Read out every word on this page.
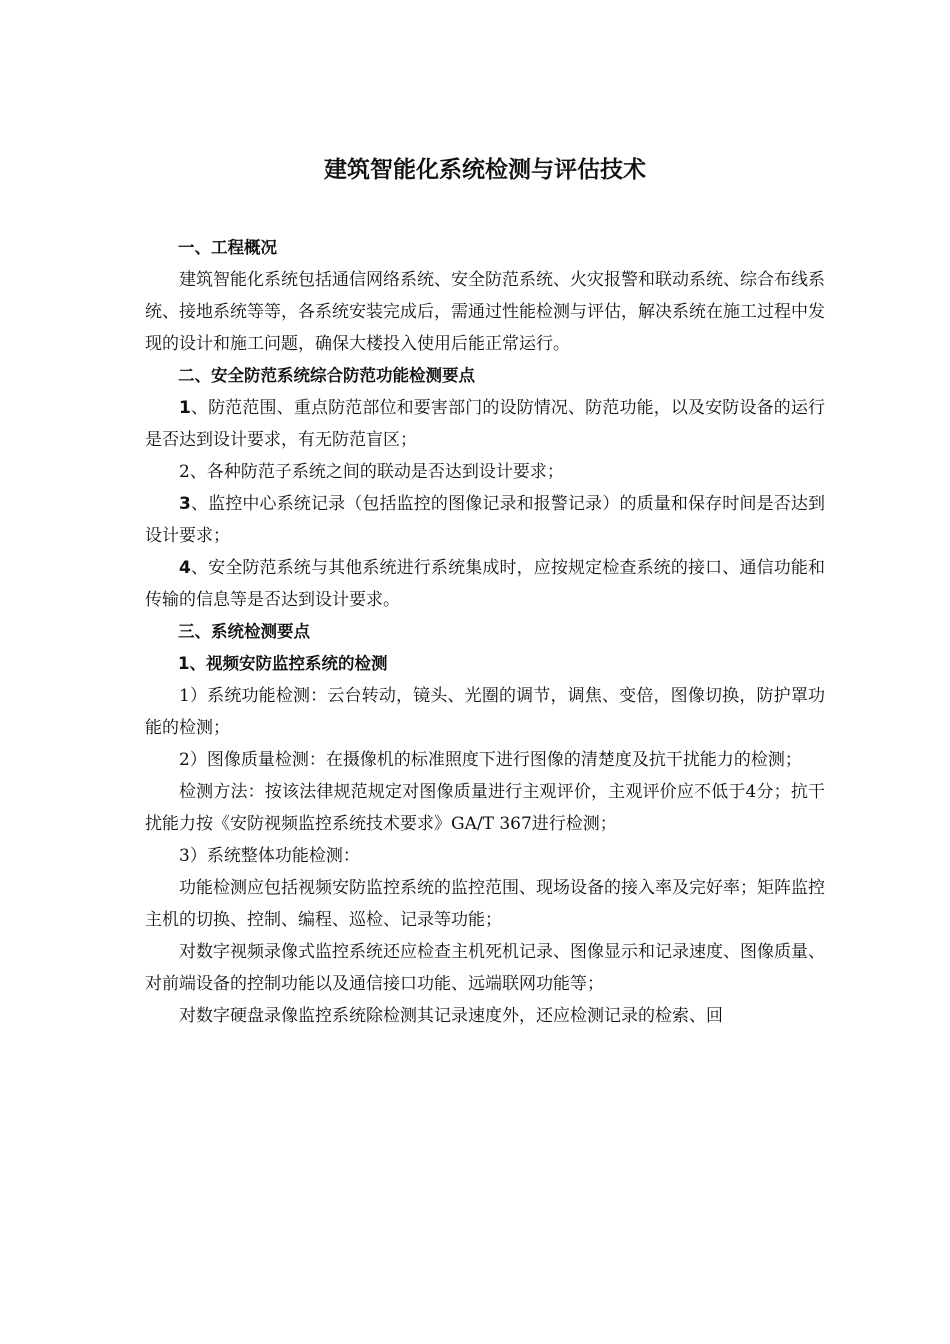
建筑智能化系统检测与评估技术

一、工程概况

建筑智能化系统包括通信网络系统、安全防范系统、火灾报警和联动系统、综合布线系统、接地系统等等，各系统安装完成后，需通过性能检测与评估，解决系统在施工过程中发现的设计和施工问题，确保大楼投入使用后能正常运行。

二、安全防范系统综合防范功能检测要点

1、防范范围、重点防范部位和要害部门的设防情况、防范功能，以及安防设备的运行是否达到设计要求，有无防范盲区；

2、各种防范子系统之间的联动是否达到设计要求；

3、监控中心系统记录（包括监控的图像记录和报警记录）的质量和保存时间是否达到设计要求；

4、安全防范系统与其他系统进行系统集成时，应按规定检查系统的接口、通信功能和传输的信息等是否达到设计要求。

三、系统检测要点

1、视频安防监控系统的检测

1）系统功能检测：云台转动，镜头、光圈的调节，调焦、变倍，图像切换，防护罩功能的检测；

2）图像质量检测：在摄像机的标准照度下进行图像的清楚度及抗干扰能力的检测；

检测方法：按该法律规范规定对图像质量进行主观评价，主观评价应不低于4分；抗干扰能力按《安防视频监控系统技术要求》GA/T 367进行检测；

3）系统整体功能检测：

功能检测应包括视频安防监控系统的监控范围、现场设备的接入率及完好率；矩阵监控主机的切换、控制、编程、巡检、记录等功能；

对数字视频录像式监控系统还应检查主机死机记录、图像显示和记录速度、图像质量、对前端设备的控制功能以及通信接口功能、远端联网功能等；

对数字硬盘录像监控系统除检测其记录速度外，还应检测记录的检索、回
